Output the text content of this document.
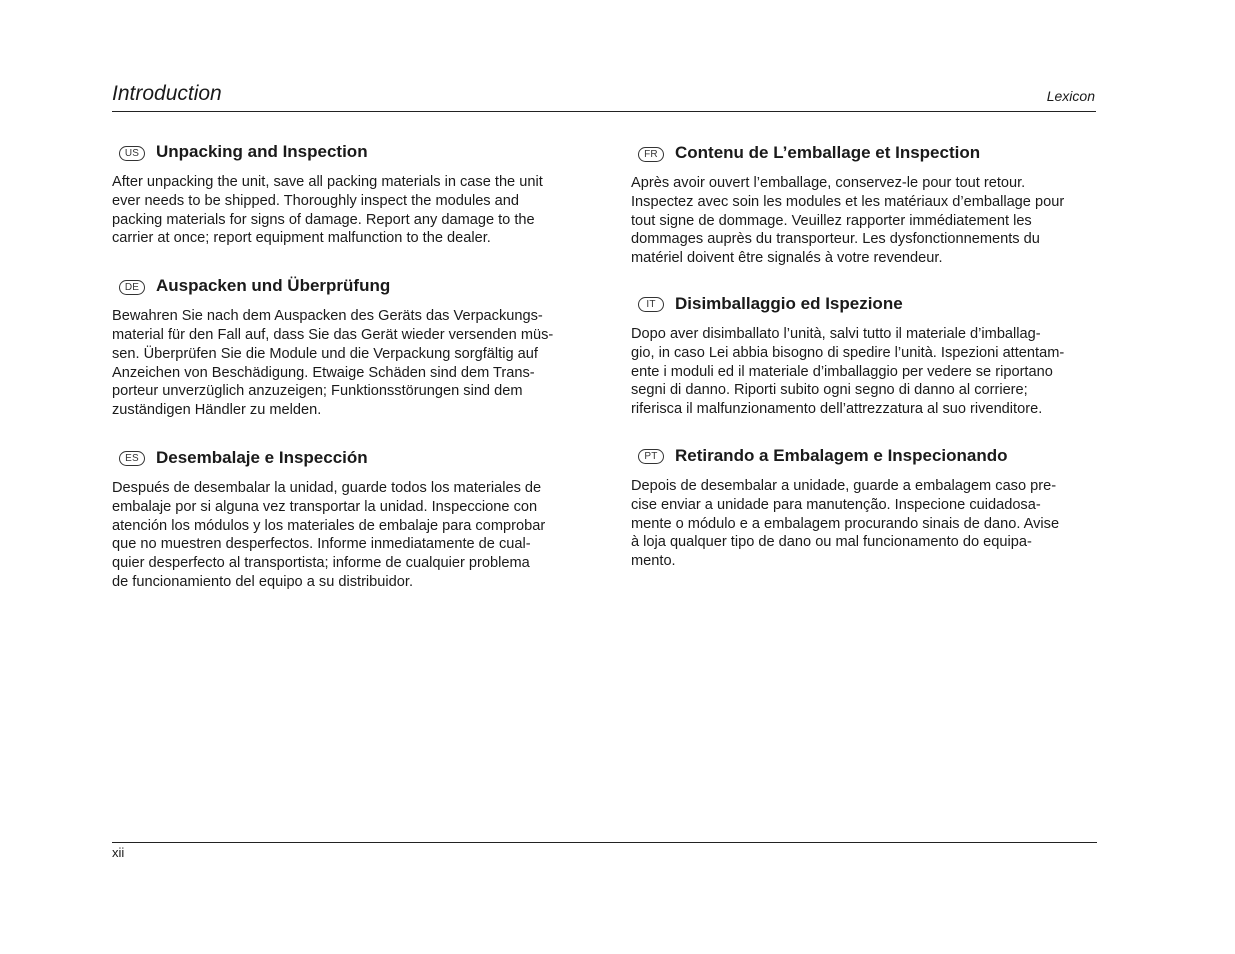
Introduction	Lexicon
US Unpacking and Inspection

After unpacking the unit, save all packing materials in case the unit
ever needs to be shipped. Thoroughly inspect the modules and
packing materials for signs of damage. Report any damage to the
carrier at once; report equipment malfunction to the dealer.

DE Auspacken und Überprüfung

Bewahren Sie nach dem Auspacken des Geräts das Verpackungs-
material für den Fall auf, dass Sie das Gerät wieder versenden müs-
sen. Überprüfen Sie die Module und die Verpackung sorgfältig auf
Anzeichen von Beschädigung. Etwaige Schäden sind dem Trans-
porteur unverzüglich anzuzeigen; Funktionsstörungen sind dem
zuständigen Händler zu melden.

ES	Desembalaje e Inspección

Después de desembalar la unidad, guarde todos los materiales de
embalaje por si alguna vez transportar la unidad. Inspeccione con
atención los módulos y los materiales de embalaje para comprobar
que no muestren desperfectos. Informe inmediatamente de cual-
quier desperfecto al transportista; informe de cualquier problema
de funcionamiento del equipo a su distribuidor.

FR	Contenu de L’emballage et Inspection

Après avoir ouvert l’emballage, conservez-le pour tout retour.
Inspectez avec soin les modules et les matériaux d’emballage pour
tout signe de dommage. Veuillez rapporter immédiatement les
dommages auprès du transporteur. Les dysfonctionnements du
matériel doivent être signalés à votre revendeur.

IT	Disimballaggio ed Ispezione

Dopo aver disimballato l’unità, salvi tutto il materiale d’imballag-
gio, in caso Lei abbia bisogno di spedire l’unità. Ispezioni attentam-
ente i moduli ed il materiale d’imballaggio per vedere se riportano
segni di danno. Riporti subito ogni segno di danno al corriere;
riferisca il malfunzionamento dell’attrezzatura al suo rivenditore.

PT	Retirando a Embalagem e Inspecionando

Depois de desembalar a unidade, guarde a embalagem caso pre-
cise enviar a unidade para manutenção. Inspecione cuidadosa-
mente o módulo e a embalagem procurando sinais de dano. Avise
à loja qualquer tipo de dano ou mal funcionamento do equipa-
mento.

xii
